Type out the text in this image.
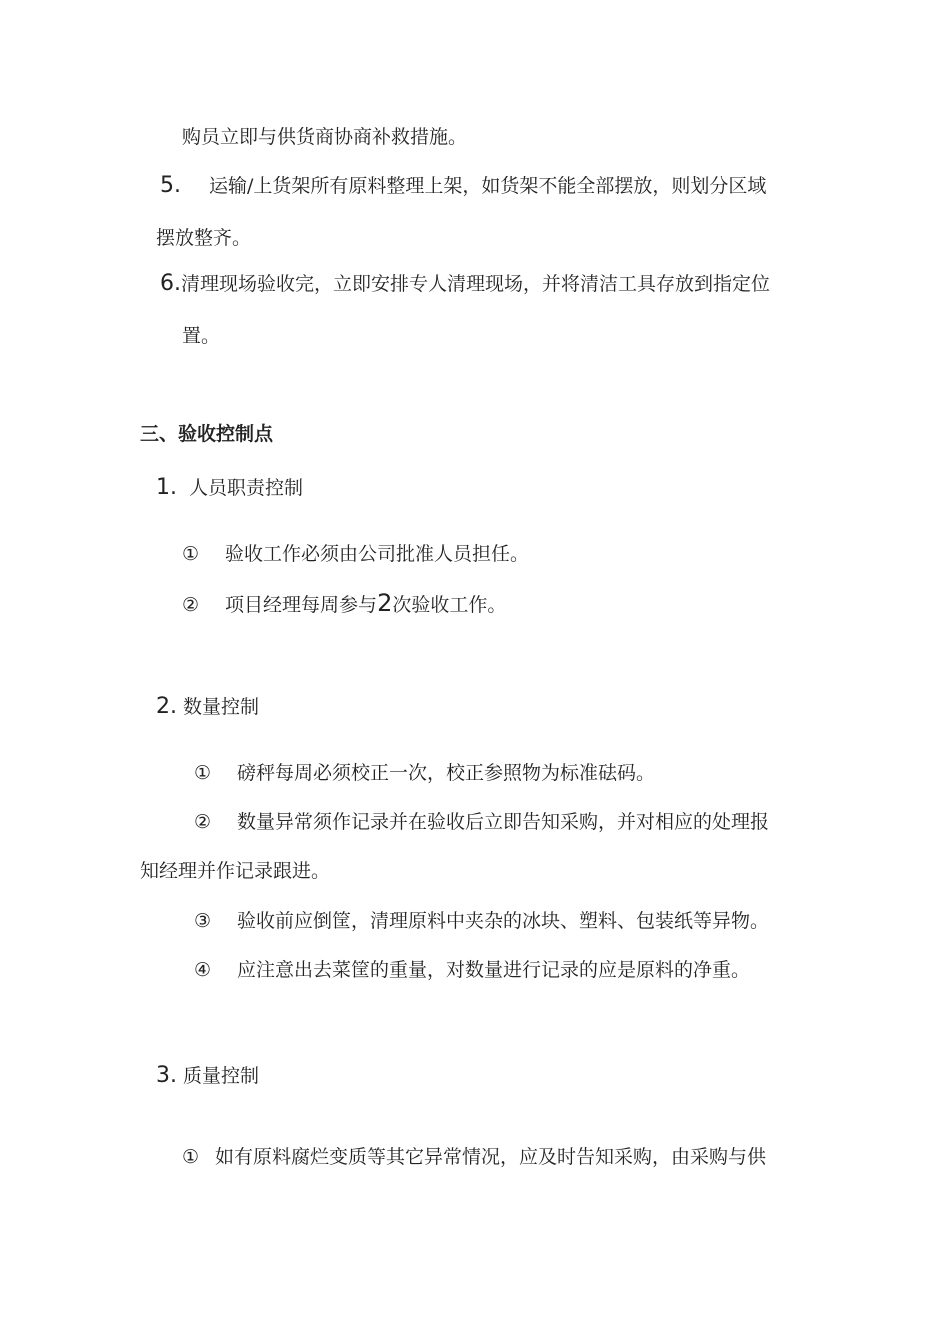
购员立即与供货商协商补救措施。
5. 运输/上货架所有原料整理上架，如货架不能全部摆放，则划分区域
摆放整齐。
6.清理现场验收完，立即安排专人清理现场，并将清洁工具存放到指定位
置。
三、验收控制点
1. 人员职责控制
① 验收工作必须由公司批准人员担任。
② 项目经理每周参与2次验收工作。
2. 数量控制
① 磅秤每周必须校正一次，校正参照物为标准砝码。
② 数量异常须作记录并在验收后立即告知采购，并对相应的处理报
知经理并作记录跟进。
③ 验收前应倒筐，清理原料中夹杂的冰块、塑料、包装纸等异物。
④ 应注意出去菜筐的重量，对数量进行记录的应是原料的净重。
3. 质量控制
① 如有原料腐烂变质等其它异常情况，应及时告知采购，由采购与供
